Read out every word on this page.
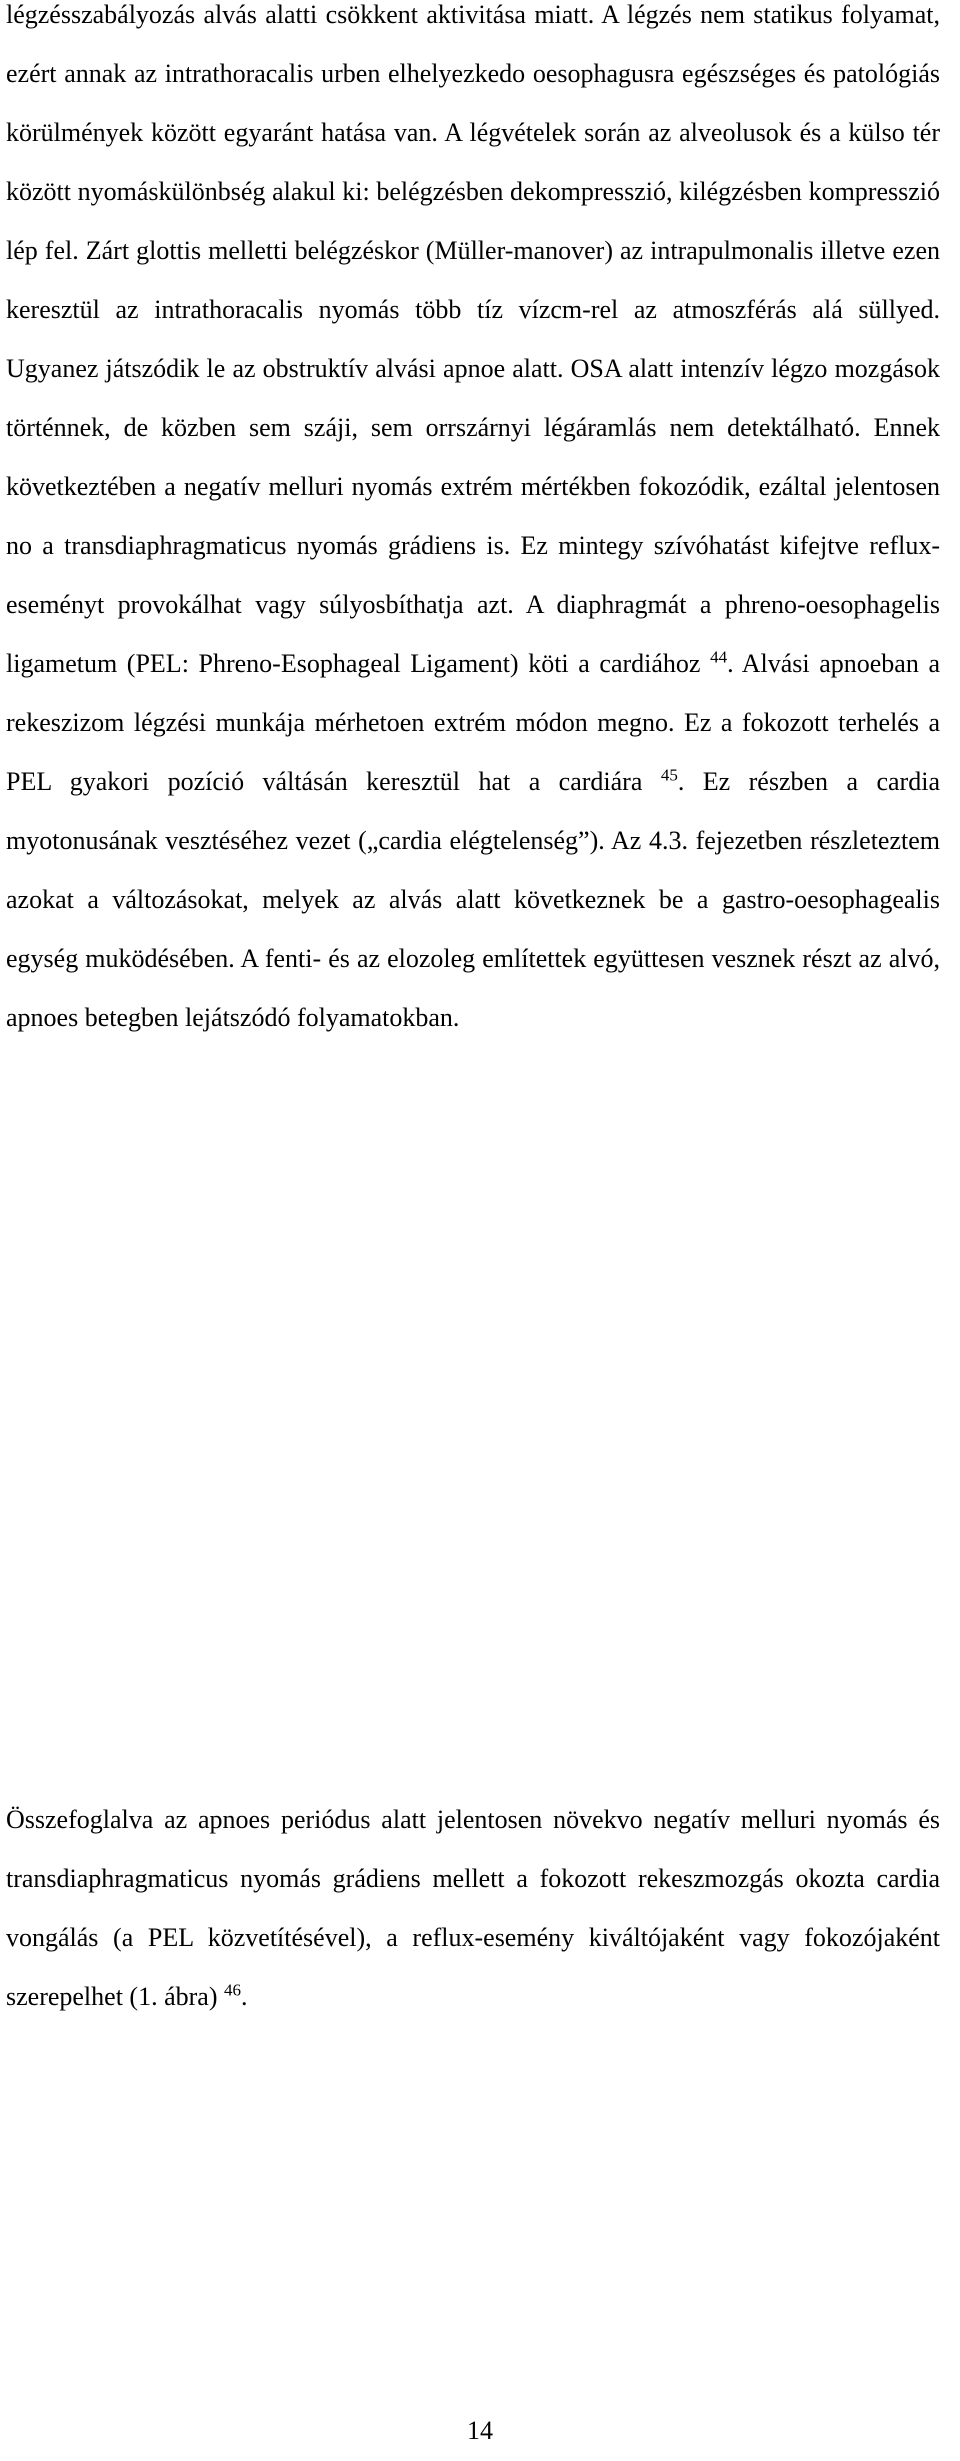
légzésszabályozás alvás alatti csökkent aktivitása miatt. A légzés nem statikus folyamat, ezért annak az intrathoracalis urben elhelyezkedo oesophagusra egészséges és patológiás körülmények között egyaránt hatása van. A légvételek során az alveolusok és a külso tér között nyomáskülönbség alakul ki: belégzésben dekompresszió, kilégzésben kompresszió lép fel. Zárt glottis melletti belégzéskor (Müller-manover) az intrapulmonalis illetve ezen keresztül az intrathoracalis nyomás több tíz vízcm-rel az atmoszférás alá süllyed. Ugyanez játszódik le az obstruktív alvási apnoe alatt. OSA alatt intenzív légzo mozgások történnek, de közben sem száji, sem orrszárnyi légáramlás nem detektálható. Ennek következtében a negatív melluri nyomás extrém mértékben fokozódik, ezáltal jelentosen no a transdiaphragmaticus nyomás grádiens is. Ez mintegy szívóhatást kifejtve reflux-eseményt provokálhat vagy súlyosbíthatja azt. A diaphragmát a phreno-oesophagelis ligametum (PEL: Phreno-Esophageal Ligament) köti a cardiához $^{44}$. Alvási apnoeban a rekeszizom légzési munkája mérhetoen extrém módon megno. Ez a fokozott terhelés a PEL gyakori pozíció váltásán keresztül hat a cardiára $^{45}$. Ez részben a cardia myotonusának vesztéséhez vezet („cardia elégtelenség”). Az 4.3. fejezetben részleteztem azokat a változásokat, melyek az alvás alatt következnek be a gastro-oesophagealis egység muködésében. A fenti- és az elozoleg említettek együttesen vesznek részt az alvó, apnoes betegben lejátszódó folyamatokban.

Összefoglalva az apnoes periódus alatt jelentosen növekvo negatív melluri nyomás és transdiaphragmaticus nyomás grádiens mellett a fokozott rekeszmozgás okozta cardia vongálás (a PEL közvetítésével), a reflux-esemény kiváltójaként vagy fokozójaként szerepelhet (1. ábra) $^{46}$.

14
